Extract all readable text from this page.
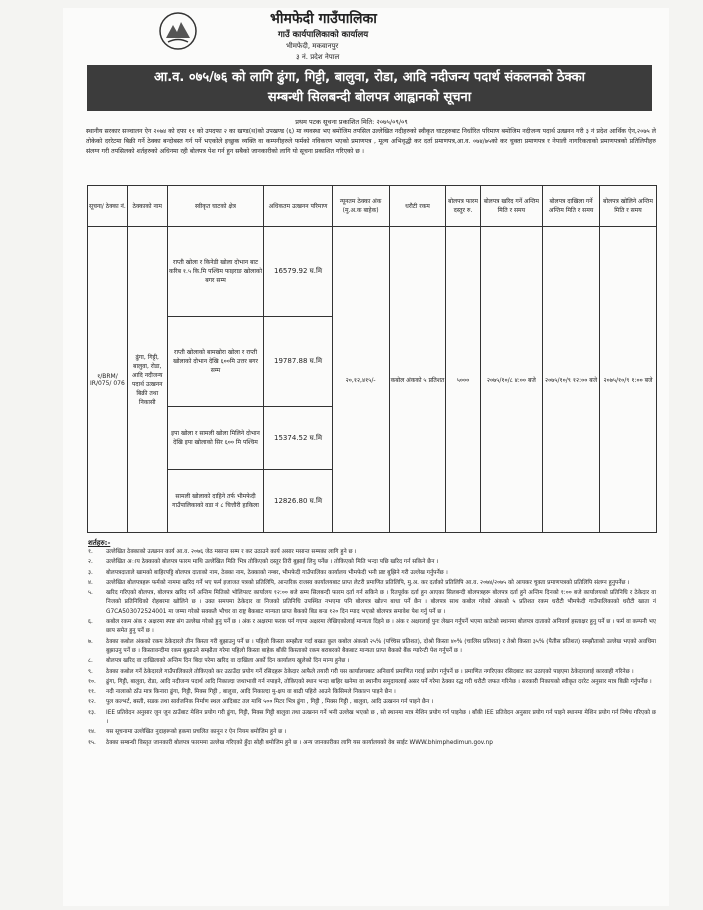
भीमफेदी गाउँपालिका
गाउँ कार्यपालिकाको कार्यालय
भीमफेदी, मकवानपुर
३ नं. प्रदेश नेपाल
आ.व. ०७५/७६ को लागि ढुंगा, गिट्टी, बालुवा, रोडा, आदि नदीजन्य पदार्थ संकलनको ठेक्का
सम्बन्धी सिलबन्दी बोलपत्र आह्वानको सूचना
प्रथम पटक सूचना प्रकाशित मिति: २०७५/०९/०९
स्थानीय सरकार सञ्चालन ऐन २०७४ को दफा ११ को उपदफा २ का खण्ड(थ)को उपखण्ड (६) मा व्यवस्था भए बमोजिम तपसिल उल्लेखित नदीहरुको स्वीकृत घाटहरुबाट निर्धारित परिमाण बमोजिम नदीजन्य पदार्थ उत्खनन गरी ३ नं प्रदेश आर्थिक ऐन,२०७५ ले तोकेको दररेटमा बिक्री गर्ने ठेक्का बन्दोबस्त गर्न पर्ने भएकोले इच्छुक व्यक्ति वा कम्पनीहरुले फर्मको नविकरण भएको प्रमाणपत्र , मूल्य अभिवृद्धी कर दर्ता प्रमाणपत्र,आ.व. ०७४/७५को कर चुक्ता प्रमाणपत्र र नेपाली नागरिकताको प्रमाणपत्रको प्रतिलिपीहरु संलग्न गरी तपसिलको शर्तहरुको अधिनमा रही बोलपत्र पेश गर्न हुन सबैको जानकारीको लागि यो सूचना प्रकाशित गरिएको छ ।
सूचना/ ठेक्का नं.	ठेक्काको नाम	स्वीकृत घाटको क्षेत्र	अधिकतम उत्खनन परिमाण	न्यूनतम ठेक्का अंक (मु.अ.क बाहेक)	धरौटी रकम	बोलपत्र फारम दस्तुर रु.	बोलपत्र खरिद गर्ने अन्तिम मिति र समय	बोलपत्र दाखिला गर्ने अन्तिम मिति र समय	बोलपत्र खोलिने अन्तिम मिति र समय
१/BRM/ IR/075/ 076	ढुंगा, गिट्टी, बालुवा, रोडा, आदि नदीजन्य पदार्थ उत्खनन बिक्री तथा निकासी	राप्ती खोला र किनेडी खोला दोभान बाट करिब १.५ कि.मि पश्चिम फाइराङ खोलाको बगर सम्म	16579.92 घ.मि	२०,१२,४१५/-	कबोल अंकको ५ प्रतिशत	५०००	२०७५/१०/८ ४:०० बजे	२०७५/१०/९ १२:०० बजे	२०७५/१०/९ १:०० बजे
		राप्ती खोलाको बामखोरा खोला र राप्ती खोलाको दोभान देखि ६००मि उत्तर बगर सम्म	19787.88 घ.मि						
		इपा खोला र सामली खोला मिलिने दोभान देखि इपा खोलाको सिर ६०० मि पश्चिम	15374.52 घ.मि						
		सामली खोलाको दाहिने तर्फ भीमफेदी गाउँपालिकाको वडा नं ८ चित्तौरी हाकिला	12826.80 घ.मि						
शर्तहरु:-
१.	उल्लेखित ठेक्काको उत्खनन कार्य आ.व. २०७६ जेठ मसान्त सम्म र कर उठाउने कार्य असार मसान्त सम्मका लागि हुने छ ।
२.	उल्लेखित अाय ठेक्काको बोलपत्र फारम माथि उल्लेखित मिति भित्र तोकिएको दस्तुर तिरी बुझाई लिनु पर्नेछ । तोकिएको मिति भन्दा पछि खरिद गर्न सकिने छैन ।
३.	बोलपत्रदाताले खामको बाहिरपट्टि बोलपत्र दाताको नाम, ठेक्का नाम, ठेक्काको नम्बर, भीमफेदी गाउँपालिका कार्यालय भीमफेदी भनी प्रष्ट बुझिने गरी उल्लेख गर्नुपर्नेछ ।
४.	उल्लेखित बोलपत्रहरू फर्मको नाममा खरिद गर्ने भए फर्म इजाजत पत्रको प्रतिलिपि, आन्तरिक राजस्व कार्यालयबाट प्राप्त लेटरी प्रमाणित प्रतिलिपि, मु.अ. कर दर्ताको प्रतिलिपि आ.व. २०७४/२०७५ को आयकर चुक्ता प्रमाणपत्रको प्रतिलिपि संलग्न हुनुपर्नेछ ।
५.	खरिद गरिएको बोलपत्र, बोलपत्र खरिद गर्ने अन्तिम मितिको भोलिपल्ट कार्यालय १२:०० बजे सम्म सिलबन्दी फारम दर्ता गर्न सकिने छ । रितपूर्वक दर्ता हुन आएका सिलबन्दी बोलपत्रहरू बोलपत्र दर्ता हुने अन्तिम दिनको १:०० बजे कार्यालयको प्रतिनिधि र ठेकेदार वा निजको प्रतिनिधिको रोहबरमा खोलिने छ । उक्त समयमा ठेकेदार वा निजको प्रतिनिधि उपस्थित नभएमा पनि बोलपत्र खोल्न बाधा पर्ने छैन । बोलपत्र साथ कबोल गरेको अंकको ५ प्रतिशत रकम धरौटी भीमफेदी गाउँपालिकाको धरौटी खाता नं G7CA503072524001 मा जम्मा गरेको सक्कलै भौचर वा राष्ट्र बैकबाट मान्यता प्राप्त बैकको बिड बन्ड १२० दिन म्याद भएको बोलपत्र समावेश पेश गर्नु पर्ने छ ।
६.	कबोल रकम अंक र अक्षरमा स्पष्ट संग उल्लेख गरेको हुनु पर्ने छ । अंक र अक्षरमा फरक पर्न गएमा अक्षरमा लेखिएकोलाई मान्यता दिइने छ । अंक र अक्षरलाई पुनः लेखन गर्नुपर्ने भएमा काटेको स्थानमा बोलपत्र दाताको अनिवार्य हस्ताक्षर हुनु पर्ने छ । फर्म वा कम्पनी भए छाप समेत हुनु पर्ने छ ।
७.	ठेक्का कबोल अंकको रकम ठेकेदारले तीन किस्ता गरी बुझाउनु पर्ने छ । पहिलो किस्ता सम्झौता गर्दा बखत कुल कबोल अंकको २५% (पच्चिस प्रतिशत), दोश्रो किस्ता ४०% (चालिस प्रतिशत) र तेश्रो किस्ता ३५% (पैतीस प्रतिशत) सम्झौताको उल्लेख भएको अवधिमा बुझाउनु पर्ने छ । किस्तावन्दीमा रकम बुझाउने सम्झौता गरेमा पहिलो किस्ता बाहेक बाँकी किस्ताको रकम बराबरको बैकबाट मान्यता प्राप्त बैकको बैंक ग्यारेन्टी पेश गर्नुपर्ने छ ।
८.	बोलपत्र खरिद वा दाखिलाको अन्तिम दिन बिदा परेमा खरिद वा दाखिला अर्को दिन कार्यालय खुलेको दिन मान्य हुनेछ ।
९.	ठेक्का कबोल गर्ने ठेकेदारले गाउँपालिकाले तोकिएको कर उठाउँदा प्रयोग गर्ने रसिदहरू ठेकेदार आफैले तयारी गरी यस कार्यालयबाट अनिवार्य प्रमाणित गराई प्रयोग गर्नुपर्ने छ । प्रमाणित नगरिएका रसिदबाट कर उठाएको पाइएमा ठेकेदारलाई कारवाही गरिनेछ ।
१०.	ढुंगा, गिट्टी, बालुवा, रोडा, आदि नदीजन्य पदार्थ आदि निकाल्दा जथाभावी गर्न नपाइने, तोकिएको स्थान भन्दा बाहिर खनेमा वा स्थानीय समुदायलाई असर पर्ने गरेमा ठेक्का रद्ध गरी धरौटी जफत गरिनेछ । सरकारी निकायको स्वीकृत दररेट अनुसार मात्र बिक्री गर्नुपर्नेछ ।
११.	नदी नालाको ठाँउ मात्र किनारा ढुंगा, गिट्टी, मिक्स गिट्टी , बालुवा, आदि निकाल्दा मु-क्षय वा बाढी पहिरो आउने किसिमले निकाल्न पाइने छैन ।
१२.	पुल कल्भर्ट, बस्ती, सडक तथा सार्वजनिक निर्माण स्थल आदिबाट तल माथि ५०० मिटर भित्र ढुंगा , गिट्टी , मिक्स गिट्टी , बालुवा, आदि उत्खनन गर्न पाइने छैन ।
१३.	IEE प्रतिवेदन अनुसार जुन जुन ठाउँबाट मेशिन प्रयोग गरी ढुंगा, गिट्टी, मिक्स गिट्टी बालुवा तथा उत्खनन गर्ने भनी उल्लेख भएको छ , सो स्थानमा मात्र मेशिन प्रयोग गर्न पाइनेछ । बाँकी IEE प्रतिवेदन अनुसार प्रयोग गर्न पाइने स्थानमा मेशिन प्रयोग गर्न निषेध गरिएको छ ।
१४.	यस सूचनामा उल्लेखित नुदाहरूको हकमा प्रचलित कानून र ऐन नियम बमोजिम हुने छ ।
१५.	ठेक्का सम्बन्धी विस्तृत जानकारी बोलपत्र फारममा उल्लेख गरिएको हुँदा सोही बमोजिम हुने छ । अन्य जानकारीका लागि यस कार्यालयको वेब साईट WWW.bhimphedimun.gov.np
